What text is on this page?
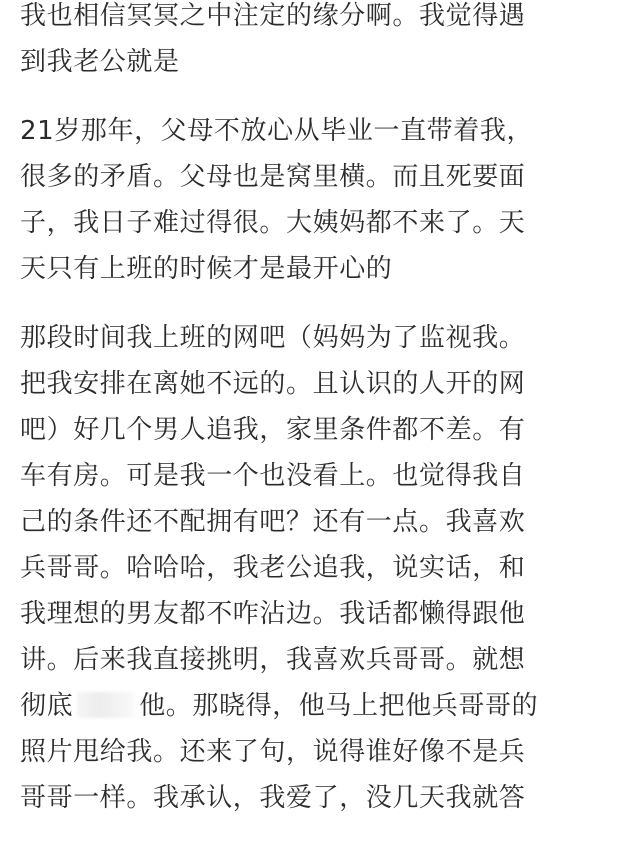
我也相信冥冥之中注定的缘分啊。我觉得遇
到我老公就是
21岁那年，父母不放心从毕业一直带着我，
很多的矛盾。父母也是窝里横。而且死要面
子，我日子难过得很。大姨妈都不来了。天
天只有上班的时候才是最开心的
那段时间我上班的网吧（妈妈为了监视我。
把我安排在离她不远的。且认识的人开的网
吧）好几个男人追我，家里条件都不差。有
车有房。可是我一个也没看上。也觉得我自
己的条件还不配拥有吧？还有一点。我喜欢
兵哥哥。哈哈哈，我老公追我，说实话，和
我理想的男友都不咋沾边。我话都懒得跟他
讲。后来我直接挑明，我喜欢兵哥哥。就想
彻底	他。那晓得，他马上把他兵哥哥的
照片甩给我。还来了句，说得谁好像不是兵
哥哥一样。我承认，我爱了，没几天我就答
